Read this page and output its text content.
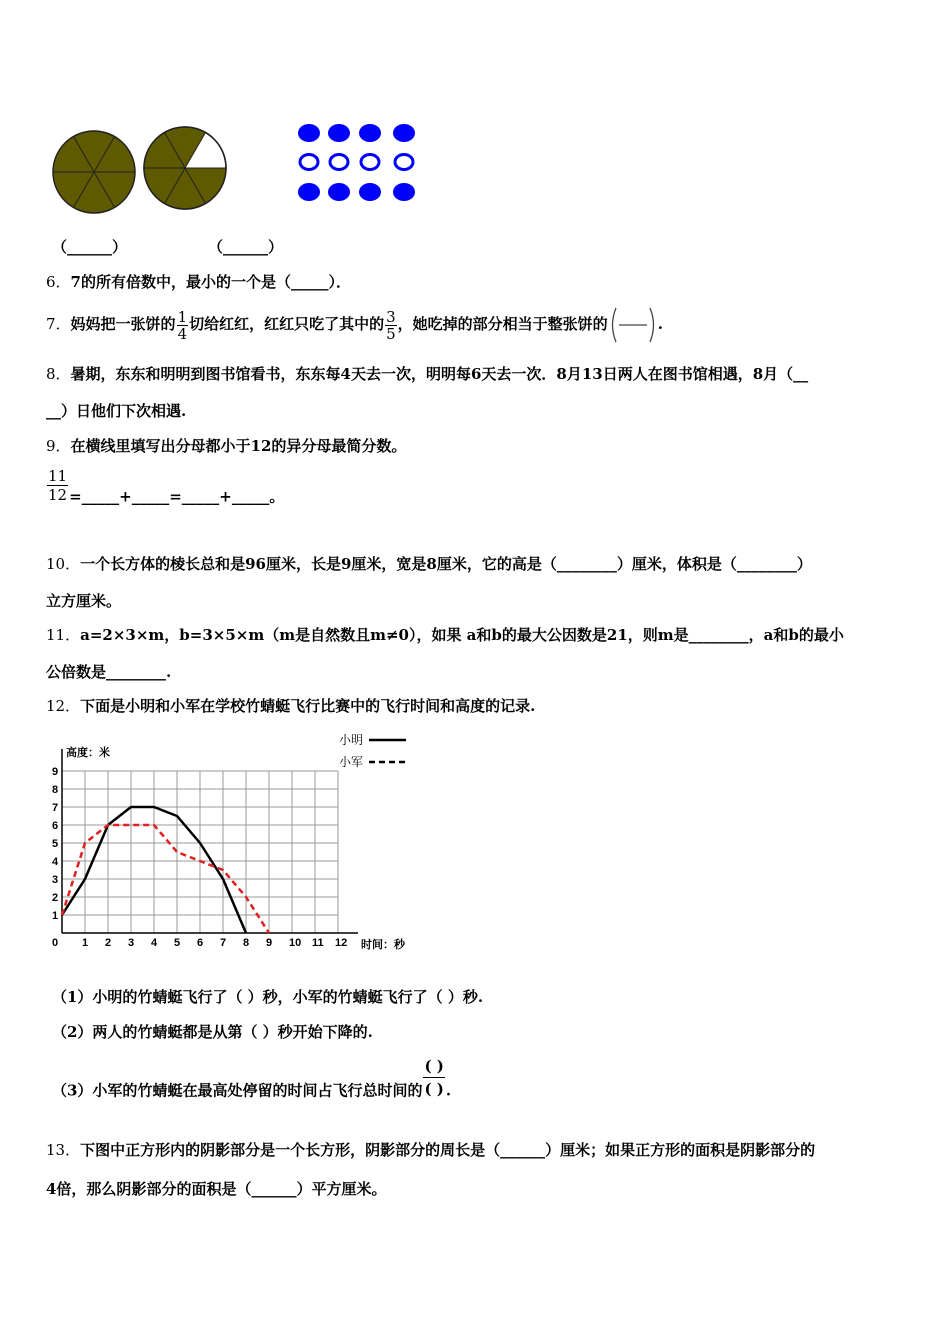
（______）	（______）
6．7的所有倍数中，最小的一个是（_____）．
7．妈妈把一张饼的 $\frac{1}{4}$ 切给红红，红红只吃了其中的 $\frac{3}{5}$ ，她吃掉的部分相当于整张饼的	.
8．暑期，东东和明明到图书馆看书，东东每4天去一次，明明每6天去一次．8月13日两人在图书馆相遇，8月（__
__）日他们下次相遇.
9．在横线里填写出分母都小于12的异分母最简分数。
$\frac{11}{12}$ =_____+_____=_____+_____。
10．一个长方体的棱长总和是96厘米，长是9厘米，宽是8厘米，它的高是（________）厘米，体积是（________）
立方厘米。
11．a=2×3×m，b=3×5×m（m是自然数且m≠0），如果 a和b的最大公因数是21，则m是________，a和b的最小
公倍数是________.
12．下面是小明和小军在学校竹蜻蜓飞行比赛中的飞行时间和高度的记录.
高度：米
时间：秒
0 1 2 3 4 5 6 7 8 9 10 11 12
1
2
3
4
5
6
7
8
9
小明
小军
（1）小明的竹蜻蜓飞行了（ ）秒，小军的竹蜻蜓飞行了（ ）秒.
（2）两人的竹蜻蜓都是从第（ ）秒开始下降的.
（3）小军的竹蜻蜓在最高处停留的时间占飞行总时间的 $\frac{( )}{( )}$ .
13．下图中正方形内的阴影部分是一个长方形，阴影部分的周长是（______）厘米；如果正方形的面积是阴影部分的
4倍，那么阴影部分的面积是（______）平方厘米。
